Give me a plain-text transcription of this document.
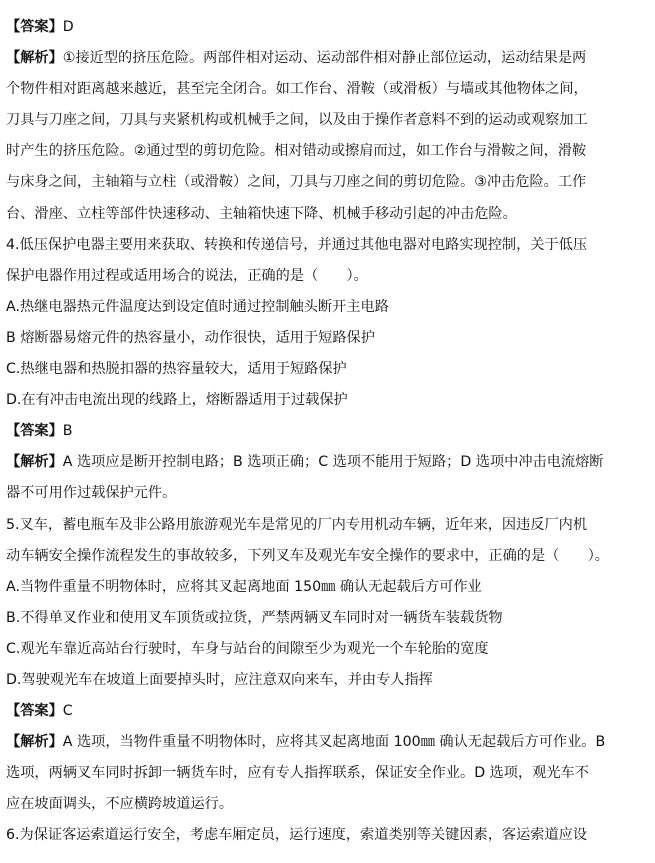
【答案】D
【解析】①接近型的挤压危险。两部件相对运动、运动部件相对静止部位运动，运动结果是两
个物件相对距离越来越近，甚至完全闭合。如工作台、滑鞍（或滑板）与墙或其他物体之间，
刀具与刀座之间，刀具与夹紧机构或机械手之间，以及由于操作者意料不到的运动或观察加工
时产生的挤压危险。②通过型的剪切危险。相对错动或擦肩而过，如工作台与滑鞍之间，滑鞍
与床身之间，主轴箱与立柱（或滑鞍）之间，刀具与刀座之间的剪切危险。③冲击危险。工作
台、滑座、立柱等部件快速移动、主轴箱快速下降、机械手移动引起的冲击危险。
4.低压保护电器主要用来获取、转换和传递信号，并通过其他电器对电路实现控制，关于低压
保护电器作用过程或适用场合的说法，正确的是（　　）。
A.热继电器热元件温度达到设定值时通过控制触头断开主电路
B 熔断器易熔元件的热容量小，动作很快，适用于短路保护
C.热继电器和热脱扣器的热容量较大，适用于短路保护
D.在有冲击电流出现的线路上，熔断器适用于过载保护
【答案】B
【解析】A 选项应是断开控制电路；B 选项正确；C 选项不能用于短路；D 选项中冲击电流熔断
器不可用作过载保护元件。
5.叉车，蓄电瓶车及非公路用旅游观光车是常见的厂内专用机动车辆，近年来，因违反厂内机
动车辆安全操作流程发生的事故较多，下列叉车及观光车安全操作的要求中，正确的是（　　）。
A.当物件重量不明物体时，应将其叉起离地面 150㎜ 确认无起载后方可作业
B.不得单叉作业和使用叉车顶货或拉货，严禁两辆叉车同时对一辆货车装载货物
C.观光车靠近高站台行驶时，车身与站台的间隙至少为观光一个车轮胎的宽度
D.驾驶观光车在坡道上面要掉头时，应注意双向来车，并由专人指挥
【答案】C
【解析】A 选项，当物件重量不明物体时，应将其叉起离地面 100㎜ 确认无起载后方可作业。B
选项，两辆叉车同时拆卸一辆货车时，应有专人指挥联系，保证安全作业。D 选项，观光车不
应在坡面调头，不应横跨坡道运行。
6.为保证客运索道运行安全，考虑车厢定员，运行速度，索道类别等关键因素，客运索道应设
